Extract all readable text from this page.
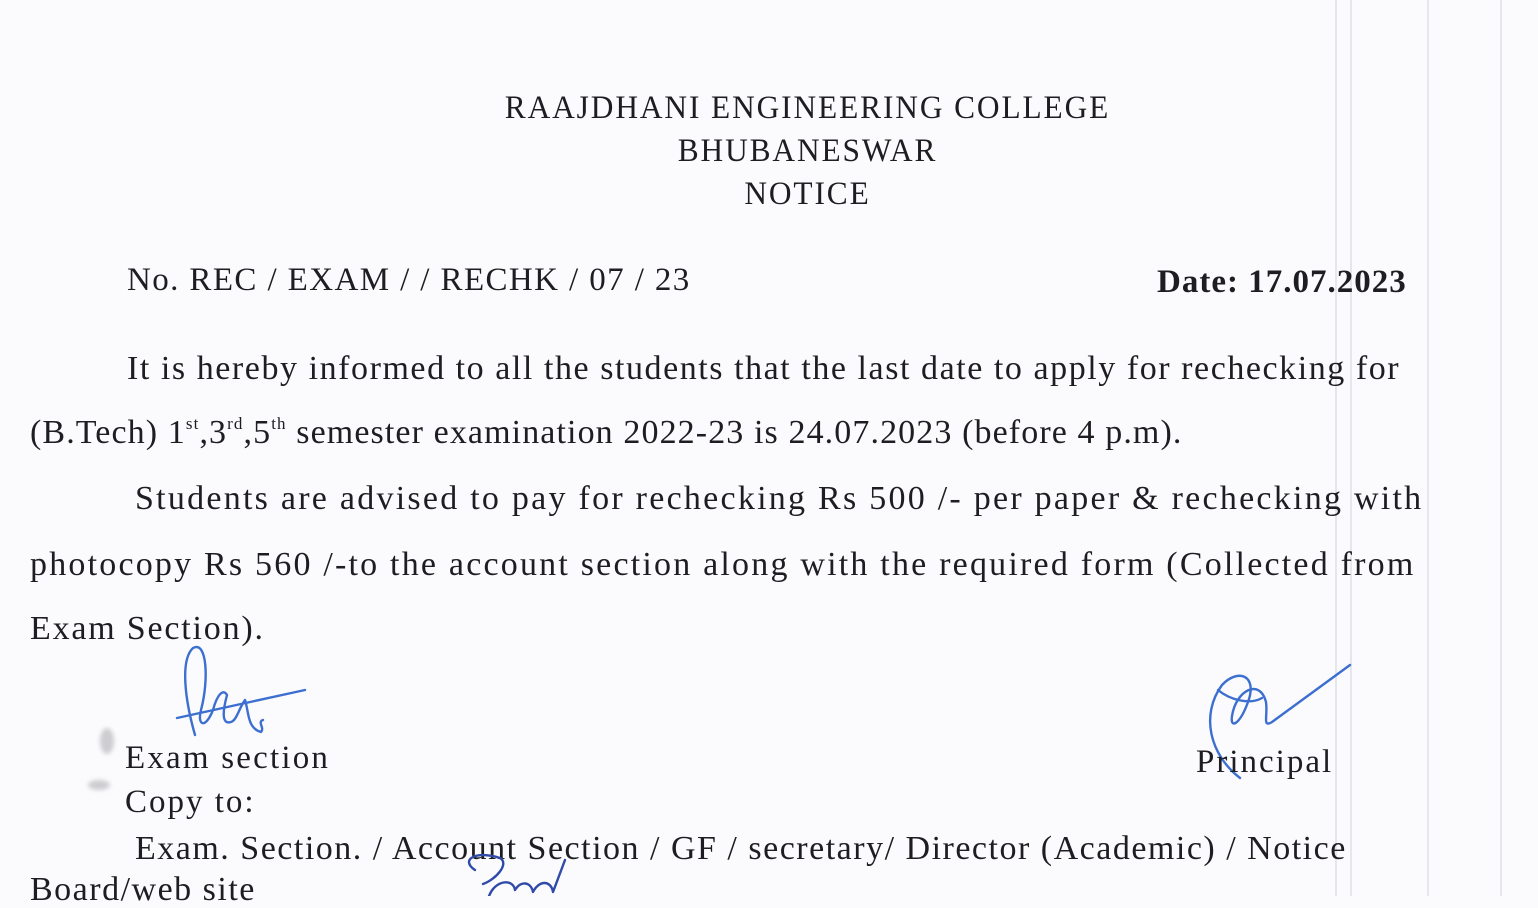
RAAJDHANI ENGINEERING COLLEGE
BHUBANESWAR
NOTICE
No. REC / EXAM / / RECHK / 07 / 23	Date: 17.07.2023
It is hereby informed to all the students that the last date to apply for rechecking for
(B.Tech) 1st,3rd,5th semester examination 2022-23 is 24.07.2023 (before 4 p.m).
Students are advised to pay for rechecking Rs 500 /- per paper & rechecking with
photocopy Rs 560 /-to the account section along with the required form (Collected from
Exam Section).
Exam section	Principal
Copy to:
Exam. Section. / Account Section / GF / secretary/ Director (Academic) / Notice
Board/web site
